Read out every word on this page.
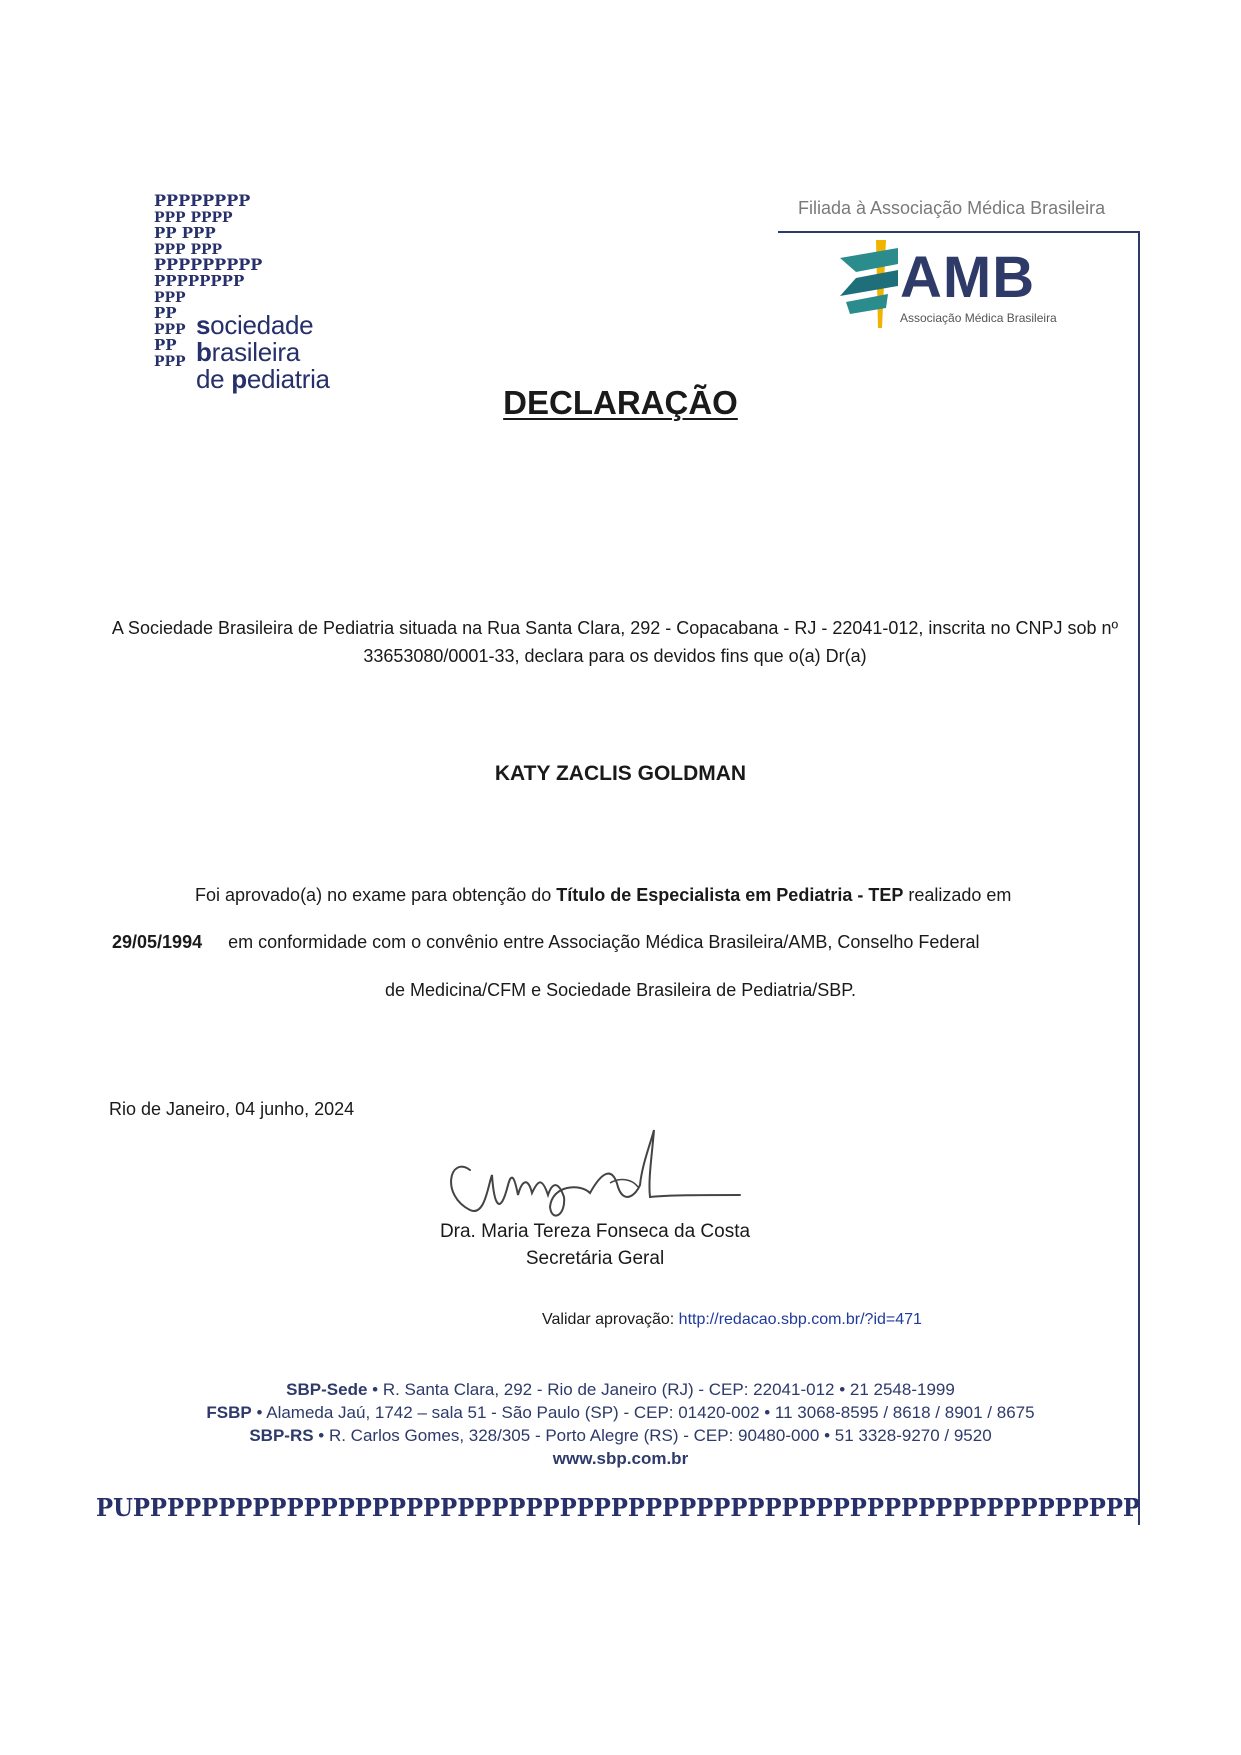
PPPPPPPP
PPP PPPP
PP PPP
PPP PPP
PPPPPPPPP
PPPPPPPP
PPP
PP
PPP
PP
PPP
sociedade
brasileira
de pediatria
Filiada à Associação Médica Brasileira
AMB
Associação Médica Brasileira
DECLARAÇÃO
A Sociedade Brasileira de Pediatria situada na Rua Santa Clara, 292 - Copacabana - RJ - 22041-012, inscrita no CNPJ sob nº
33653080/0001-33, declara para os devidos fins que o(a) Dr(a)
KATY ZACLIS GOLDMAN
Foi aprovado(a) no exame para obtenção do Título de Especialista em Pediatria - TEP realizado em
29/05/1994 em conformidade com o convênio entre Associação Médica Brasileira/AMB, Conselho Federal
de Medicina/CFM e Sociedade Brasileira de Pediatria/SBP.
Rio de Janeiro, 04 junho, 2024
Dra. Maria Tereza Fonseca da Costa
Secretária Geral
Validar aprovação: http://redacao.sbp.com.br/?id=471
SBP-Sede • R. Santa Clara, 292 - Rio de Janeiro (RJ) - CEP: 22041-012 • 21 2548-1999
FSBP • Alameda Jaú, 1742 – sala 51 - São Paulo (SP) - CEP: 01420-002 • 11 3068-8595 / 8618 / 8901 / 8675
SBP-RS • R. Carlos Gomes, 328/305 - Porto Alegre (RS) - CEP: 90480-000 • 51 3328-9270 / 9520
www.sbp.com.br
PUPPPPPPPPPPPPPPPPPPPPPPPPPPPPPPPPPPPPPPPPPPPPPPPPPPPPPPPPPPP
